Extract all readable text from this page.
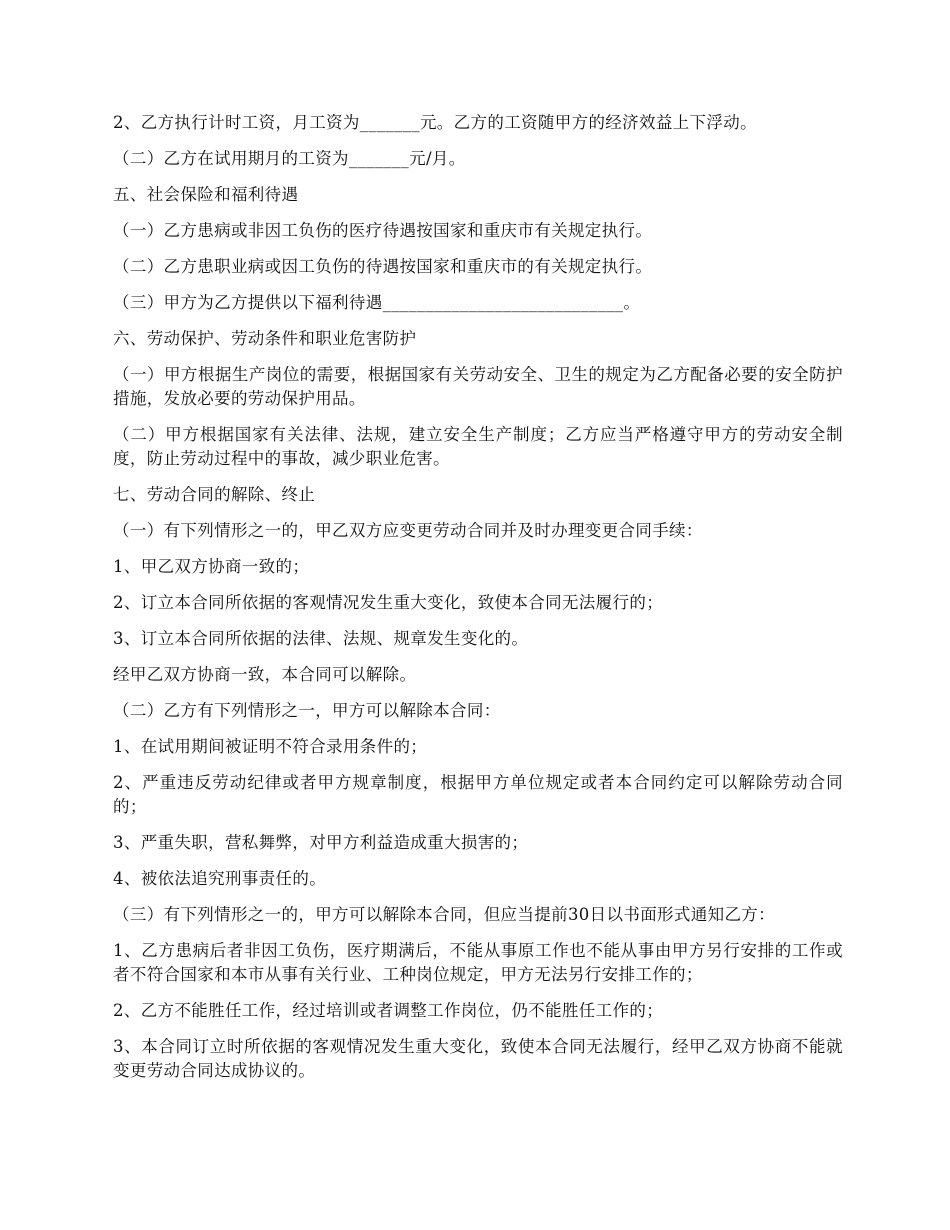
2、乙方执行计时工资，月工资为_______元。乙方的工资随甲方的经济效益上下浮动。

（二）乙方在试用期月的工资为_______元/月。

五、社会保险和福利待遇

（一）乙方患病或非因工负伤的医疗待遇按国家和重庆市有关规定执行。

（二）乙方患职业病或因工负伤的待遇按国家和重庆市的有关规定执行。

（三）甲方为乙方提供以下福利待遇____________________________。

六、劳动保护、劳动条件和职业危害防护

（一）甲方根据生产岗位的需要，根据国家有关劳动安全、卫生的规定为乙方配备必要的安全防护措施，发放必要的劳动保护用品。

（二）甲方根据国家有关法律、法规，建立安全生产制度；乙方应当严格遵守甲方的劳动安全制度，防止劳动过程中的事故，减少职业危害。

七、劳动合同的解除、终止

（一）有下列情形之一的，甲乙双方应变更劳动合同并及时办理变更合同手续：

1、甲乙双方协商一致的；

2、订立本合同所依据的客观情况发生重大变化，致使本合同无法履行的；

3、订立本合同所依据的法律、法规、规章发生变化的。

经甲乙双方协商一致，本合同可以解除。

（二）乙方有下列情形之一，甲方可以解除本合同：

1、在试用期间被证明不符合录用条件的；

2、严重违反劳动纪律或者甲方规章制度，根据甲方单位规定或者本合同约定可以解除劳动合同的；

3、严重失职，营私舞弊，对甲方利益造成重大损害的；

4、被依法追究刑事责任的。

（三）有下列情形之一的，甲方可以解除本合同，但应当提前30日以书面形式通知乙方：

1、乙方患病后者非因工负伤，医疗期满后，不能从事原工作也不能从事由甲方另行安排的工作或者不符合国家和本市从事有关行业、工种岗位规定，甲方无法另行安排工作的；

2、乙方不能胜任工作，经过培训或者调整工作岗位，仍不能胜任工作的；

3、本合同订立时所依据的客观情况发生重大变化，致使本合同无法履行，经甲乙双方协商不能就变更劳动合同达成协议的。
